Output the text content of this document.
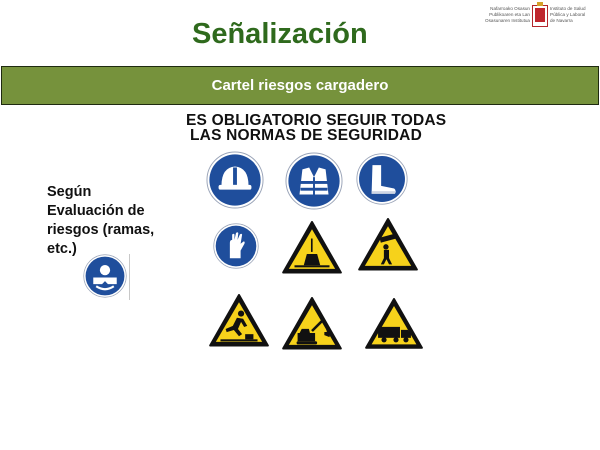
Señalización
Nafarroako Osasun
Publikoaren eta Lan
Osasunaren Institutua
Instituto de Salud
Pública y Laboral
de Navarra
Cartel riesgos cargadero
ES OBLIGATORIO SEGUIR TODAS
LAS NORMAS DE SEGURIDAD
Según
Evaluación de
riesgos (ramas,
etc.)
